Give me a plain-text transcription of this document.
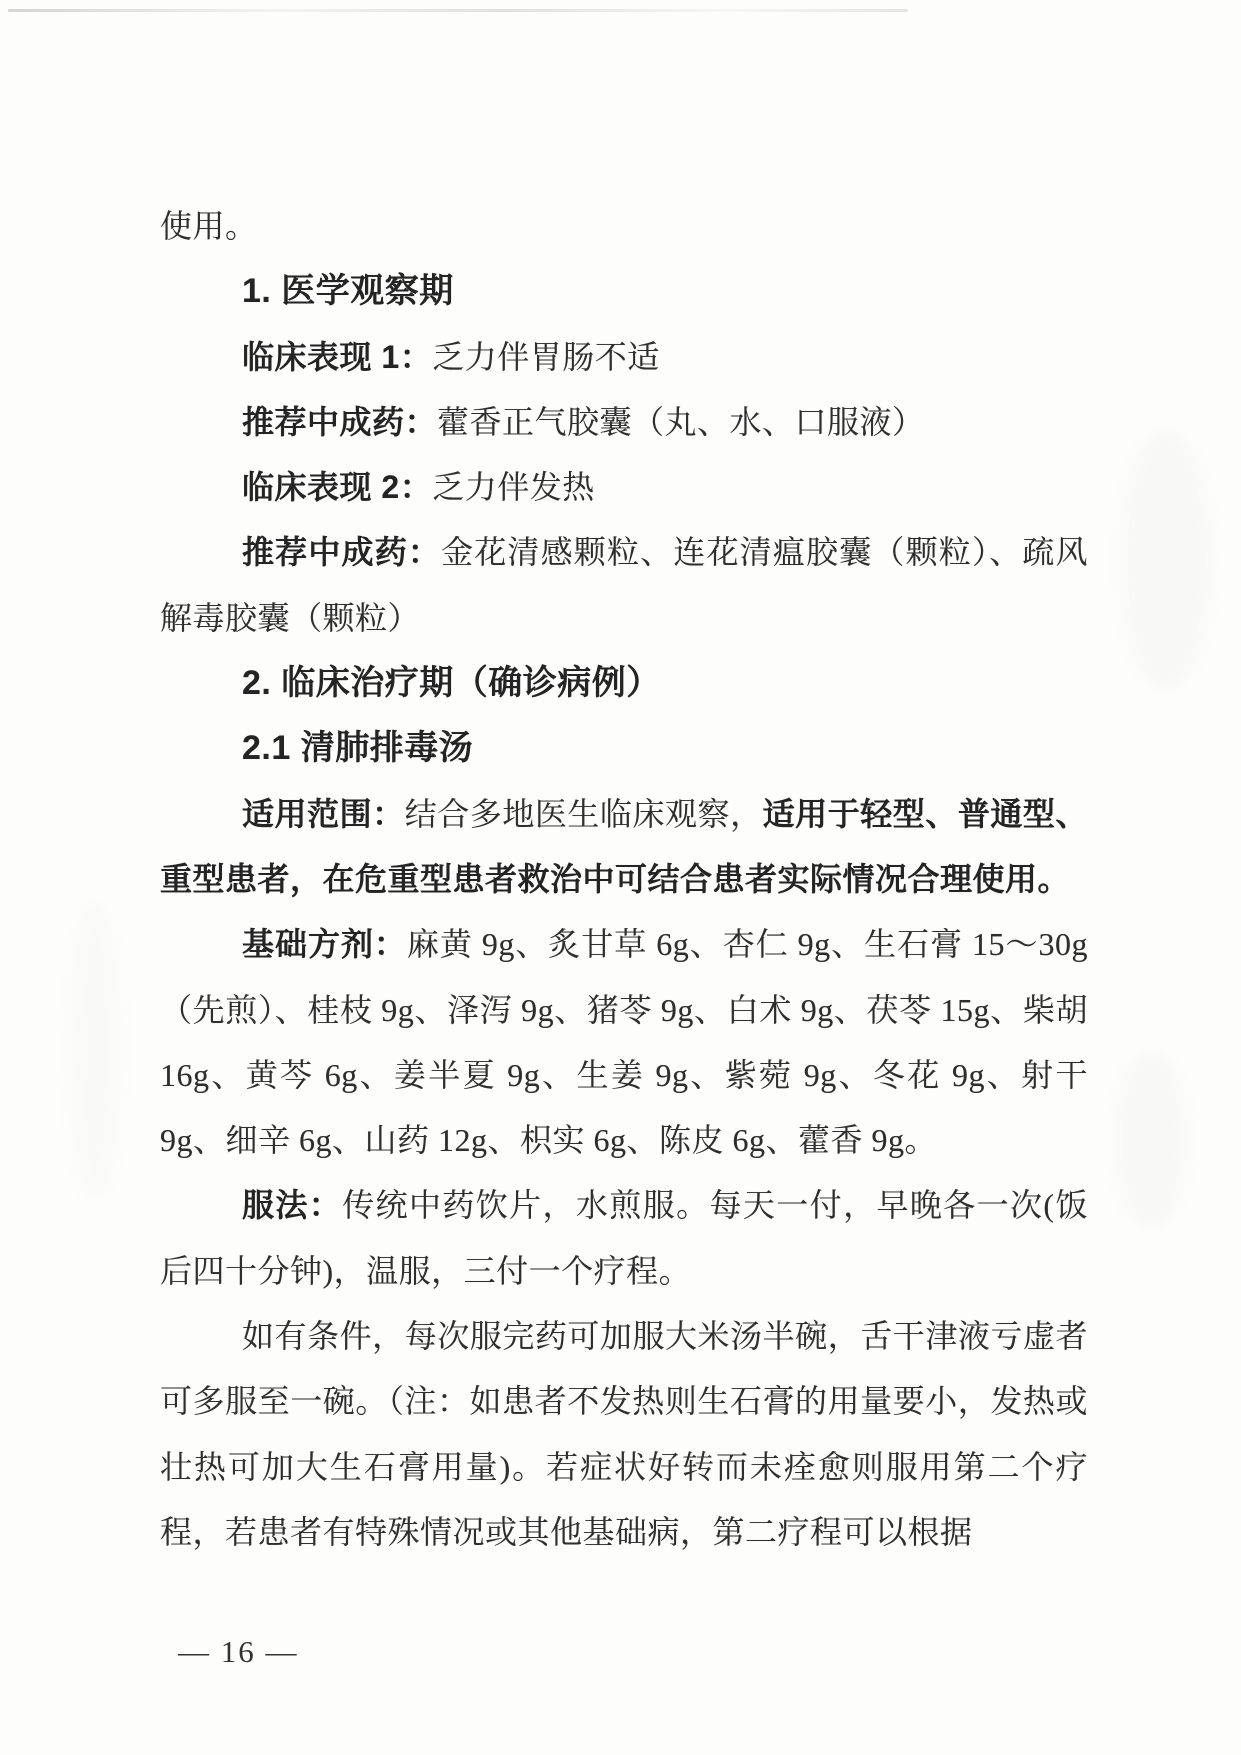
使用。

1. 医学观察期

临床表现 1：乏力伴胃肠不适

推荐中成药：藿香正气胶囊（丸、水、口服液）

临床表现 2：乏力伴发热

推荐中成药：金花清感颗粒、连花清瘟胶囊（颗粒）、疏风解毒胶囊（颗粒）

2. 临床治疗期（确诊病例）

2.1 清肺排毒汤

适用范围：结合多地医生临床观察，适用于轻型、普通型、重型患者，在危重型患者救治中可结合患者实际情况合理使用。

基础方剂：麻黄 9g、炙甘草 6g、杏仁 9g、生石膏 15～30g（先煎）、桂枝 9g、泽泻 9g、猪苓 9g、白术 9g、茯苓 15g、柴胡 16g、黄芩 6g、姜半夏 9g、生姜 9g、紫菀 9g、冬花 9g、射干 9g、细辛 6g、山药 12g、枳实 6g、陈皮 6g、藿香 9g。

服法：传统中药饮片，水煎服。每天一付，早晚各一次(饭后四十分钟)，温服，三付一个疗程。

如有条件，每次服完药可加服大米汤半碗，舌干津液亏虚者可多服至一碗。（注：如患者不发热则生石膏的用量要小，发热或壮热可加大生石膏用量)。若症状好转而未痊愈则服用第二个疗程，若患者有特殊情况或其他基础病，第二疗程可以根据

— 16 —
